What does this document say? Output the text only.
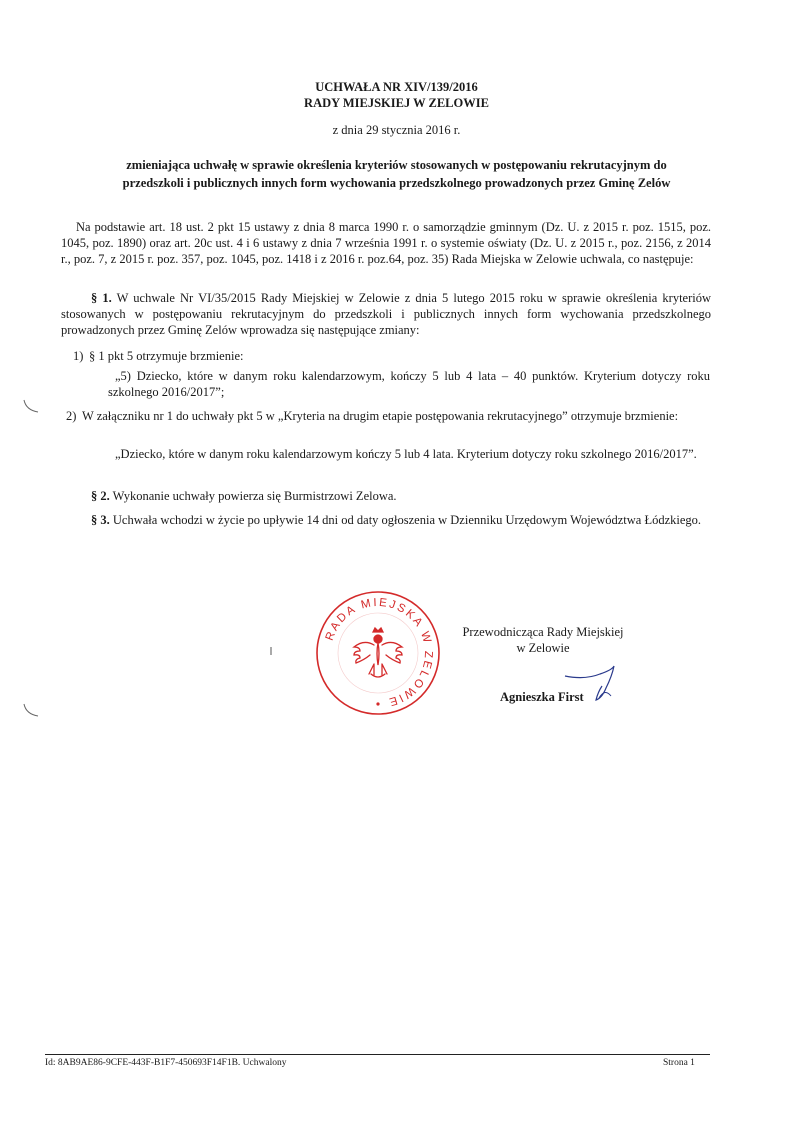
UCHWAŁA NR XIV/139/2016
RADY MIEJSKIEJ W ZELOWIE
z dnia 29 stycznia 2016 r.
zmieniająca uchwałę w sprawie określenia kryteriów stosowanych w postępowaniu rekrutacyjnym do
przedszkoli i publicznych innych form wychowania przedszkolnego prowadzonych przez Gminę Zelów

Na podstawie art. 18 ust. 2 pkt 15 ustawy z dnia 8 marca 1990 r. o samorządzie gminnym (Dz. U. z 2015 r. poz. 1515, poz. 1045, poz. 1890) oraz art. 20c ust. 4 i 6 ustawy z dnia 7 września 1991 r. o systemie oświaty (Dz. U. z 2015 r., poz. 2156, z 2014 r., poz. 7, z 2015 r. poz. 357, poz. 1045, poz. 1418 i z 2016 r. poz.64, poz. 35) Rada Miejska w Zelowie uchwala, co następuje:

§ 1. W uchwale Nr VI/35/2015 Rady Miejskiej w Zelowie z dnia 5 lutego 2015 roku w sprawie określenia kryteriów stosowanych w postępowaniu rekrutacyjnym do przedszkoli i publicznych innych form wychowania przedszkolnego prowadzonych przez Gminę Zelów wprowadza się następujące zmiany:

1) § 1 pkt 5 otrzymuje brzmienie:

„5) Dziecko, które w danym roku kalendarzowym, kończy 5 lub 4 lata – 40 punktów. Kryterium dotyczy roku szkolnego 2016/2017”;

2) W załączniku nr 1 do uchwały pkt 5 w „Kryteria na drugim etapie postępowania rekrutacyjnego” otrzymuje brzmienie:

„Dziecko, które w danym roku kalendarzowym kończy 5 lub 4 lata. Kryterium dotyczy roku szkolnego 2016/2017”.

§ 2. Wykonanie uchwały powierza się Burmistrzowi Zelowa.

§ 3. Uchwała wchodzi w życie po upływie 14 dni od daty ogłoszenia w Dzienniku Urzędowym Województwa Łódzkiego.

RADA MIEJSKA W ZELOWIE
Przewodnicząca Rady Miejskiej
w Zelowie
Agnieszka First
Id: 8AB9AE86-9CFE-443F-B1F7-450693F14F1B. Uchwalony	Strona 1
